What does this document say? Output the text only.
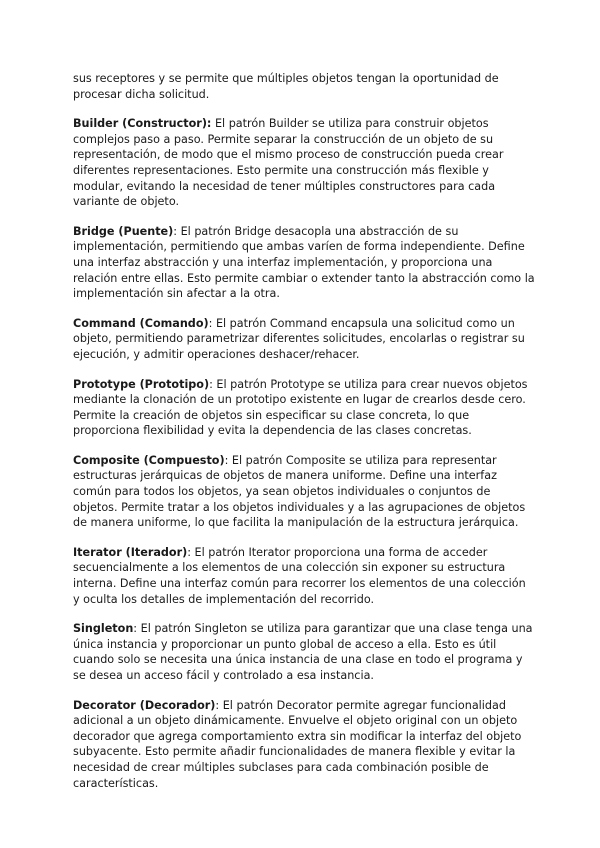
sus receptores y se permite que múltiples objetos tengan la oportunidad de procesar dicha solicitud.

Builder (Constructor): El patrón Builder se utiliza para construir objetos complejos paso a paso. Permite separar la construcción de un objeto de su representación, de modo que el mismo proceso de construcción pueda crear diferentes representaciones. Esto permite una construcción más flexible y modular, evitando la necesidad de tener múltiples constructores para cada variante de objeto.

Bridge (Puente): El patrón Bridge desacopla una abstracción de su implementación, permitiendo que ambas varíen de forma independiente. Define una interfaz abstracción y una interfaz implementación, y proporciona una relación entre ellas. Esto permite cambiar o extender tanto la abstracción como la implementación sin afectar a la otra.

Command (Comando): El patrón Command encapsula una solicitud como un objeto, permitiendo parametrizar diferentes solicitudes, encolarlas o registrar su ejecución, y admitir operaciones deshacer/rehacer.

Prototype (Prototipo): El patrón Prototype se utiliza para crear nuevos objetos mediante la clonación de un prototipo existente en lugar de crearlos desde cero. Permite la creación de objetos sin especificar su clase concreta, lo que proporciona flexibilidad y evita la dependencia de las clases concretas.

Composite (Compuesto): El patrón Composite se utiliza para representar estructuras jerárquicas de objetos de manera uniforme. Define una interfaz común para todos los objetos, ya sean objetos individuales o conjuntos de objetos. Permite tratar a los objetos individuales y a las agrupaciones de objetos de manera uniforme, lo que facilita la manipulación de la estructura jerárquica.

Iterator (Iterador): El patrón Iterator proporciona una forma de acceder secuencialmente a los elementos de una colección sin exponer su estructura interna. Define una interfaz común para recorrer los elementos de una colección y oculta los detalles de implementación del recorrido.

Singleton: El patrón Singleton se utiliza para garantizar que una clase tenga una única instancia y proporcionar un punto global de acceso a ella. Esto es útil cuando solo se necesita una única instancia de una clase en todo el programa y se desea un acceso fácil y controlado a esa instancia.

Decorator (Decorador): El patrón Decorator permite agregar funcionalidad adicional a un objeto dinámicamente. Envuelve el objeto original con un objeto decorador que agrega comportamiento extra sin modificar la interfaz del objeto subyacente. Esto permite añadir funcionalidades de manera flexible y evitar la necesidad de crear múltiples subclases para cada combinación posible de características.
